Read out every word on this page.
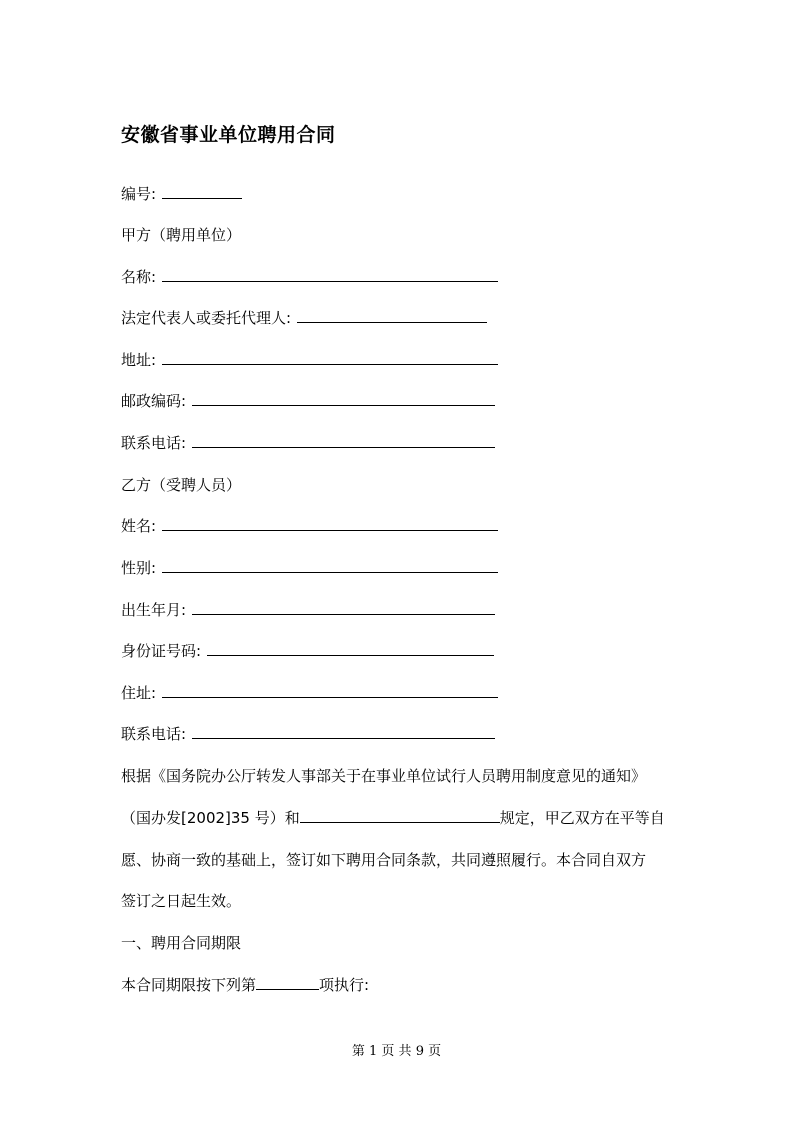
安徽省事业单位聘用合同
编号:
甲方（聘用单位）
名称:
法定代表人或委托代理人:
地址:
邮政编码:
联系电话:
乙方（受聘人员）
姓名:
性别:
出生年月:
身份证号码:
住址:
联系电话:
根据《国务院办公厅转发人事部关于在事业单位试行人员聘用制度意见的通知》
（国办发[2002]35 号）和	规定，甲乙双方在平等自
愿、协商一致的基础上，签订如下聘用合同条款，共同遵照履行。本合同自双方
签订之日起生效。
一、聘用合同期限
本合同期限按下列第	项执行:
第 1 页 共 9 页
